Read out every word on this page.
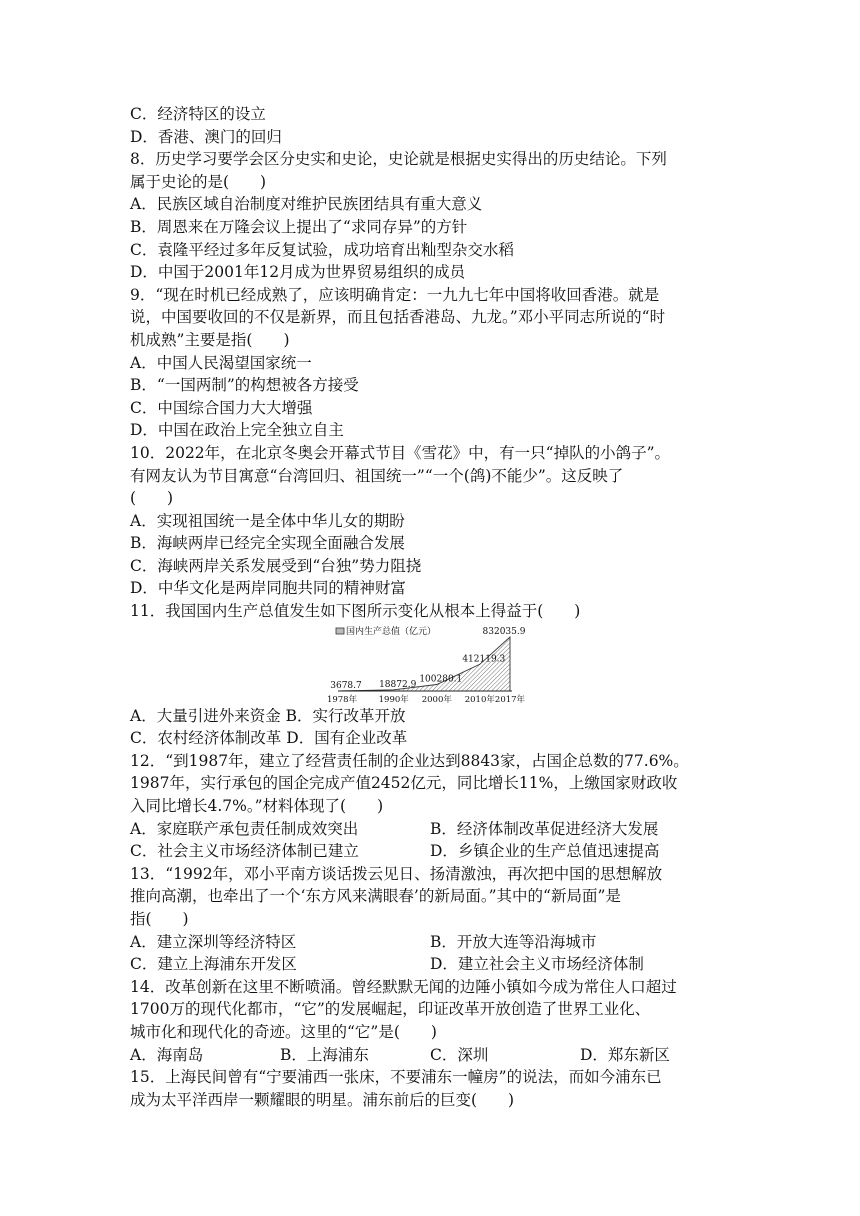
C．经济特区的设立
D．香港、澳门的回归
8．历史学习要学会区分史实和史论，史论就是根据史实得出的历史结论。下列
属于史论的是(　　)
A．民族区域自治制度对维护民族团结具有重大意义
B．周恩来在万隆会议上提出了“求同存异”的方针
C．袁隆平经过多年反复试验，成功培育出籼型杂交水稻
D．中国于2001年12月成为世界贸易组织的成员
9．“现在时机已经成熟了，应该明确肯定：一九九七年中国将收回香港。就是
说，中国要收回的不仅是新界，而且包括香港岛、九龙。”邓小平同志所说的“时
机成熟”主要是指(　　)
A．中国人民渴望国家统一
B．“一国两制”的构想被各方接受
C．中国综合国力大大增强
D．中国在政治上完全独立自主
10．2022年，在北京冬奥会开幕式节目《雪花》中，有一只“掉队的小鸽子”。
有网友认为节目寓意“台湾回归、祖国统一”“一个(鸽)不能少”。这反映了
(　　)
A．实现祖国统一是全体中华儿女的期盼
B．海峡两岸已经完全实现全面融合发展
C．海峡两岸关系发展受到“台独”势力阻挠
D．中华文化是两岸同胞共同的精神财富
11．我国国内生产总值发生如下图所示变化从根本上得益于(　　)
国内生产总值（亿元）
3678.7 18872.9
100280.1
412119.3
832035.9
1978年	1990年 2000年 2010年 2017年
A．大量引进外来资金 B．实行改革开放
C．农村经济体制改革 D．国有企业改革
12．“到1987年，建立了经营责任制的企业达到8843家，占国企总数的77.6%。
1987年，实行承包的国企完成产值2452亿元，同比增长11%，上缴国家财政收
入同比增长4.7%。”材料体现了(　　)
A．家庭联产承包责任制成效突出	B．经济体制改革促进经济大发展
C．社会主义市场经济体制已建立	D．乡镇企业的生产总值迅速提高
13．“1992年，邓小平南方谈话拨云见日、扬清激浊，再次把中国的思想解放
推向高潮，也牵出了一个‘东方风来满眼春’的新局面。”其中的“新局面”是
指(　　)
A．建立深圳等经济特区	B．开放大连等沿海城市
C．建立上海浦东开发区	D．建立社会主义市场经济体制
14．改革创新在这里不断喷涌。曾经默默无闻的边陲小镇如今成为常住人口超过
1700万的现代化都市，“它”的发展崛起，印证改革开放创造了世界工业化、
城市化和现代化的奇迹。这里的“它”是(　　)
A．海南岛	B．上海浦东	C．深圳	D．郑东新区
15．上海民间曾有“宁要浦西一张床，不要浦东一幢房”的说法，而如今浦东已
成为太平洋西岸一颗耀眼的明星。浦东前后的巨变(　　)
